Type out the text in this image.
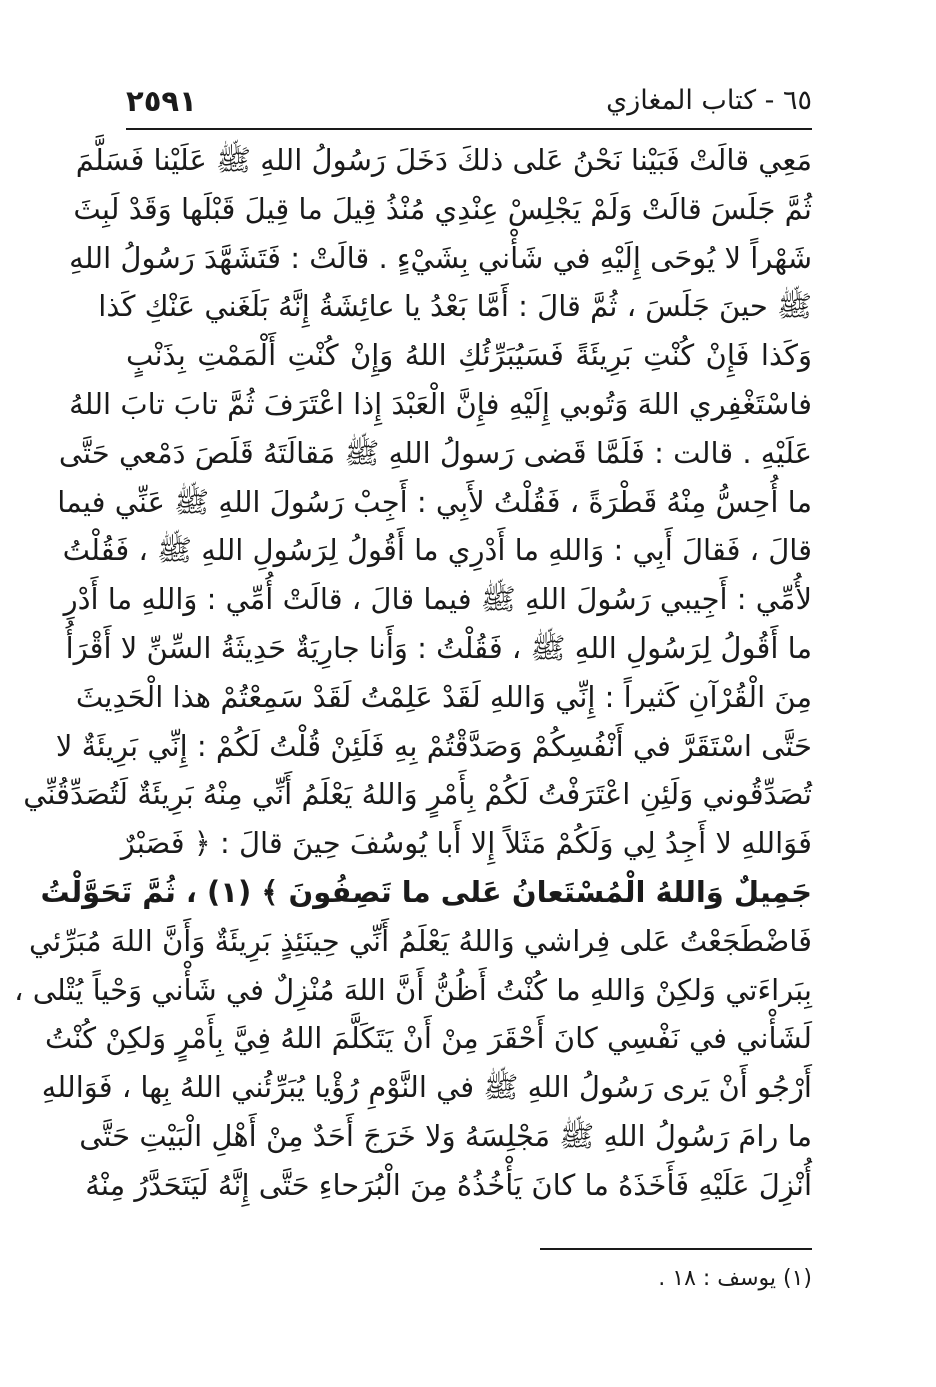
٦٥ - كتاب المغازي
٢٥٩١
مَعِي قالَتْ فَبَيْنا نَحْنُ عَلى ذلكَ دَخَلَ رَسُولُ اللهِ ﷺ عَلَيْنا فَسَلَّمَ
ثُمَّ جَلَسَ قالَتْ وَلَمْ يَجْلِسْ عِنْدِي مُنْذُ قِيلَ ما قِيلَ قَبْلَها وَقَدْ لَبِثَ
شَهْراً لا يُوحَى إِلَيْهِ في شَأْني بِشَيْءٍ . قالَتْ : فَتَشَهَّدَ رَسُولُ اللهِ
ﷺ حينَ جَلَسَ ، ثُمَّ قالَ : أَمَّا بَعْدُ يا عائِشَةُ إِنَّهُ بَلَغَني عَنْكِ كَذا
وَكَذا فَإِنْ كُنْتِ بَرِيئَةً فَسَيُبَرِّئُكِ اللهُ وَإِنْ كُنْتِ أَلْمَمْتِ بِذَنْبٍ
فاسْتَغْفِري اللهَ وَتُوبي إِلَيْهِ فإِنَّ الْعَبْدَ إِذا اعْتَرَفَ ثُمَّ تابَ تابَ اللهُ
عَلَيْهِ . قالت : فَلَمَّا قَضى رَسولُ اللهِ ﷺ مَقالَتَهُ قَلَصَ دَمْعي حَتَّى
ما أُحِسُّ مِنْهُ قَطْرَةً ، فَقُلْتُ لأَبِي : أَجِبْ رَسُولَ اللهِ ﷺ عَنِّي فيما
قالَ ، فَقالَ أَبِي : وَاللهِ ما أَدْرِي ما أَقُولُ لِرَسُولِ اللهِ ﷺ ، فَقُلْتُ
لأُمِّي : أَجِيبي رَسُولَ اللهِ ﷺ فيما قالَ ، قالَتْ أُمِّي : وَاللهِ ما أَدْرِ
ما أَقُولُ لِرَسُولِ اللهِ ﷺ ، فَقُلْتُ : وَأَنا جارِيَةٌ حَدِيثَةُ السِّنِّ لا أَقْرَأُ
مِنَ الْقُرْآنِ كَثيراً : إِنِّي وَاللهِ لَقَدْ عَلِمْتُ لَقَدْ سَمِعْتُمْ هذا الْحَدِيثَ
حَتَّى اسْتَقَرَّ في أَنْفُسِكُمْ وَصَدَّقْتُمْ بِهِ فَلَئِنْ قُلْتُ لَكُمْ : إِنِّي بَرِيئَةٌ لا
تُصَدِّقُوني وَلَئِنِ اعْتَرَفْتُ لَكُمْ بِأَمْرٍ وَاللهُ يَعْلَمُ أَنِّي مِنْهُ بَرِيئَةٌ لَتُصَدِّقُنِّي
فَوَاللهِ لا أَجِدُ لِي وَلَكُمْ مَثَلاً إِلا أَبا يُوسُفَ حِينَ قالَ : ﴿ فَصَبْرٌ
جَمِيلٌ وَاللهُ الْمُسْتَعانُ عَلى ما تَصِفُونَ ﴾ (١) ، ثُمَّ تَحَوَّلْتُ
فَاضْطَجَعْتُ عَلى فِراشي وَاللهُ يَعْلَمُ أَنِّي حِينَئِذٍ بَرِيئَةٌ وَأَنَّ اللهَ مُبَرِّئي
بِبَراءَتي وَلكِنْ وَاللهِ ما كُنْتُ أَظُنُّ أَنَّ اللهَ مُنْزِلٌ في شَأْني وَحْياً يُتْلى ،
لَشَأْني في نَفْسِي كانَ أَحْقَرَ مِنْ أَنْ يَتَكَلَّمَ اللهُ فِيَّ بِأَمْرٍ وَلكِنْ كُنْتُ
أَرْجُو أَنْ يَرى رَسُولُ اللهِ ﷺ في النَّوْمِ رُؤْيا يُبَرِّئُني اللهُ بِها ، فَوَاللهِ
ما رامَ رَسُولُ اللهِ ﷺ مَجْلِسَهُ وَلا خَرَجَ أَحَدٌ مِنْ أَهْلِ الْبَيْتِ حَتَّى
أُنْزِلَ عَلَيْهِ فَأَخَذَهُ ما كانَ يَأْخُذُهُ مِنَ الْبُرَحاءِ حَتَّى إِنَّهُ لَيَتَحَدَّرُ مِنْهُ
(١) يوسف : ١٨ .
